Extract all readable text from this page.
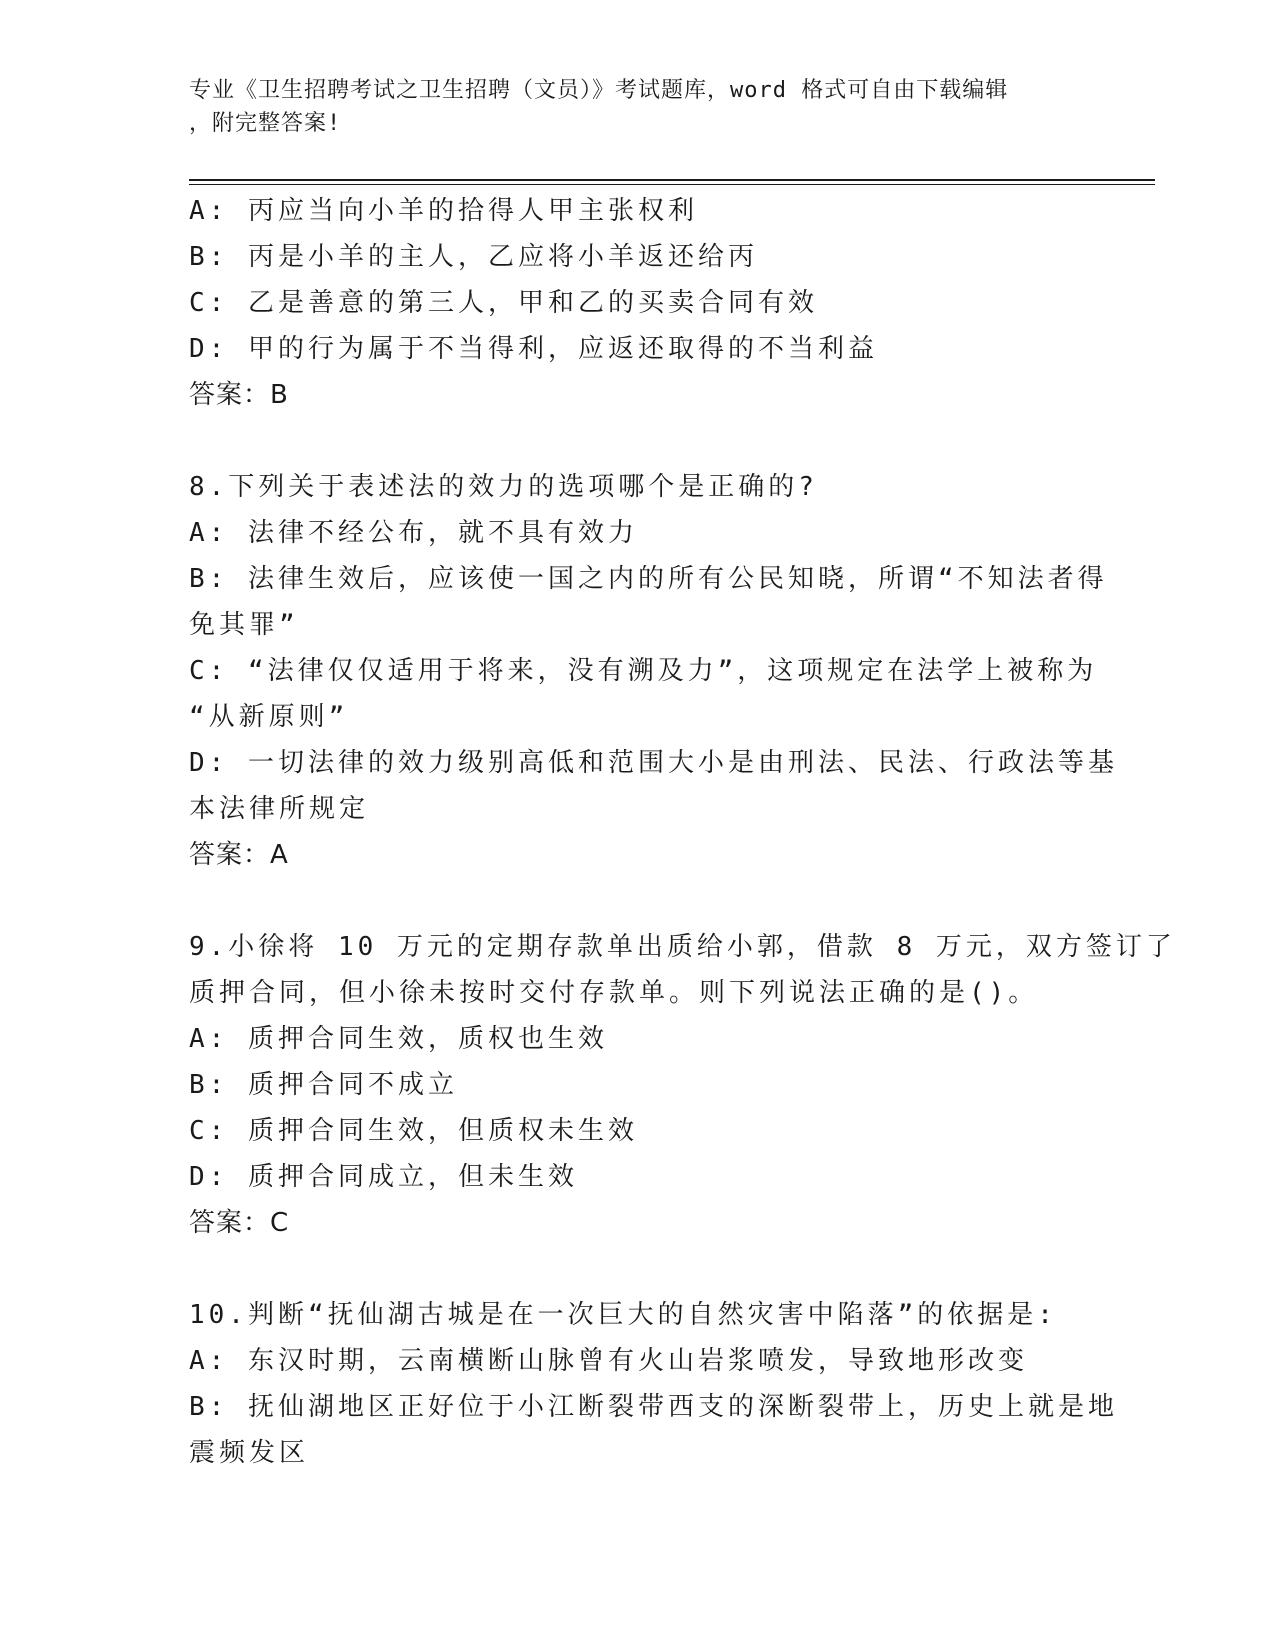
专业《卫生招聘考试之卫生招聘（文员）》考试题库，word 格式可自由下载编辑
，附完整答案!
A: 丙应当向小羊的拾得人甲主张权利
B: 丙是小羊的主人，乙应将小羊返还给丙
C: 乙是善意的第三人，甲和乙的买卖合同有效
D: 甲的行为属于不当得利，应返还取得的不当利益
答案：B
8.下列关于表述法的效力的选项哪个是正确的?
A: 法律不经公布，就不具有效力
B: 法律生效后，应该使一国之内的所有公民知晓，所谓“不知法者得
免其罪”
C: “法律仅仅适用于将来，没有溯及力”，这项规定在法学上被称为
“从新原则”
D: 一切法律的效力级别高低和范围大小是由刑法、民法、行政法等基
本法律所规定
答案：A
9.小徐将 10 万元的定期存款单出质给小郭，借款 8 万元，双方签订了
质押合同，但小徐未按时交付存款单。则下列说法正确的是()。
A: 质押合同生效，质权也生效
B: 质押合同不成立
C: 质押合同生效，但质权未生效
D: 质押合同成立，但未生效
答案：C
10.判断“抚仙湖古城是在一次巨大的自然灾害中陷落”的依据是:
A: 东汉时期，云南横断山脉曾有火山岩浆喷发，导致地形改变
B: 抚仙湖地区正好位于小江断裂带西支的深断裂带上，历史上就是地
震频发区
